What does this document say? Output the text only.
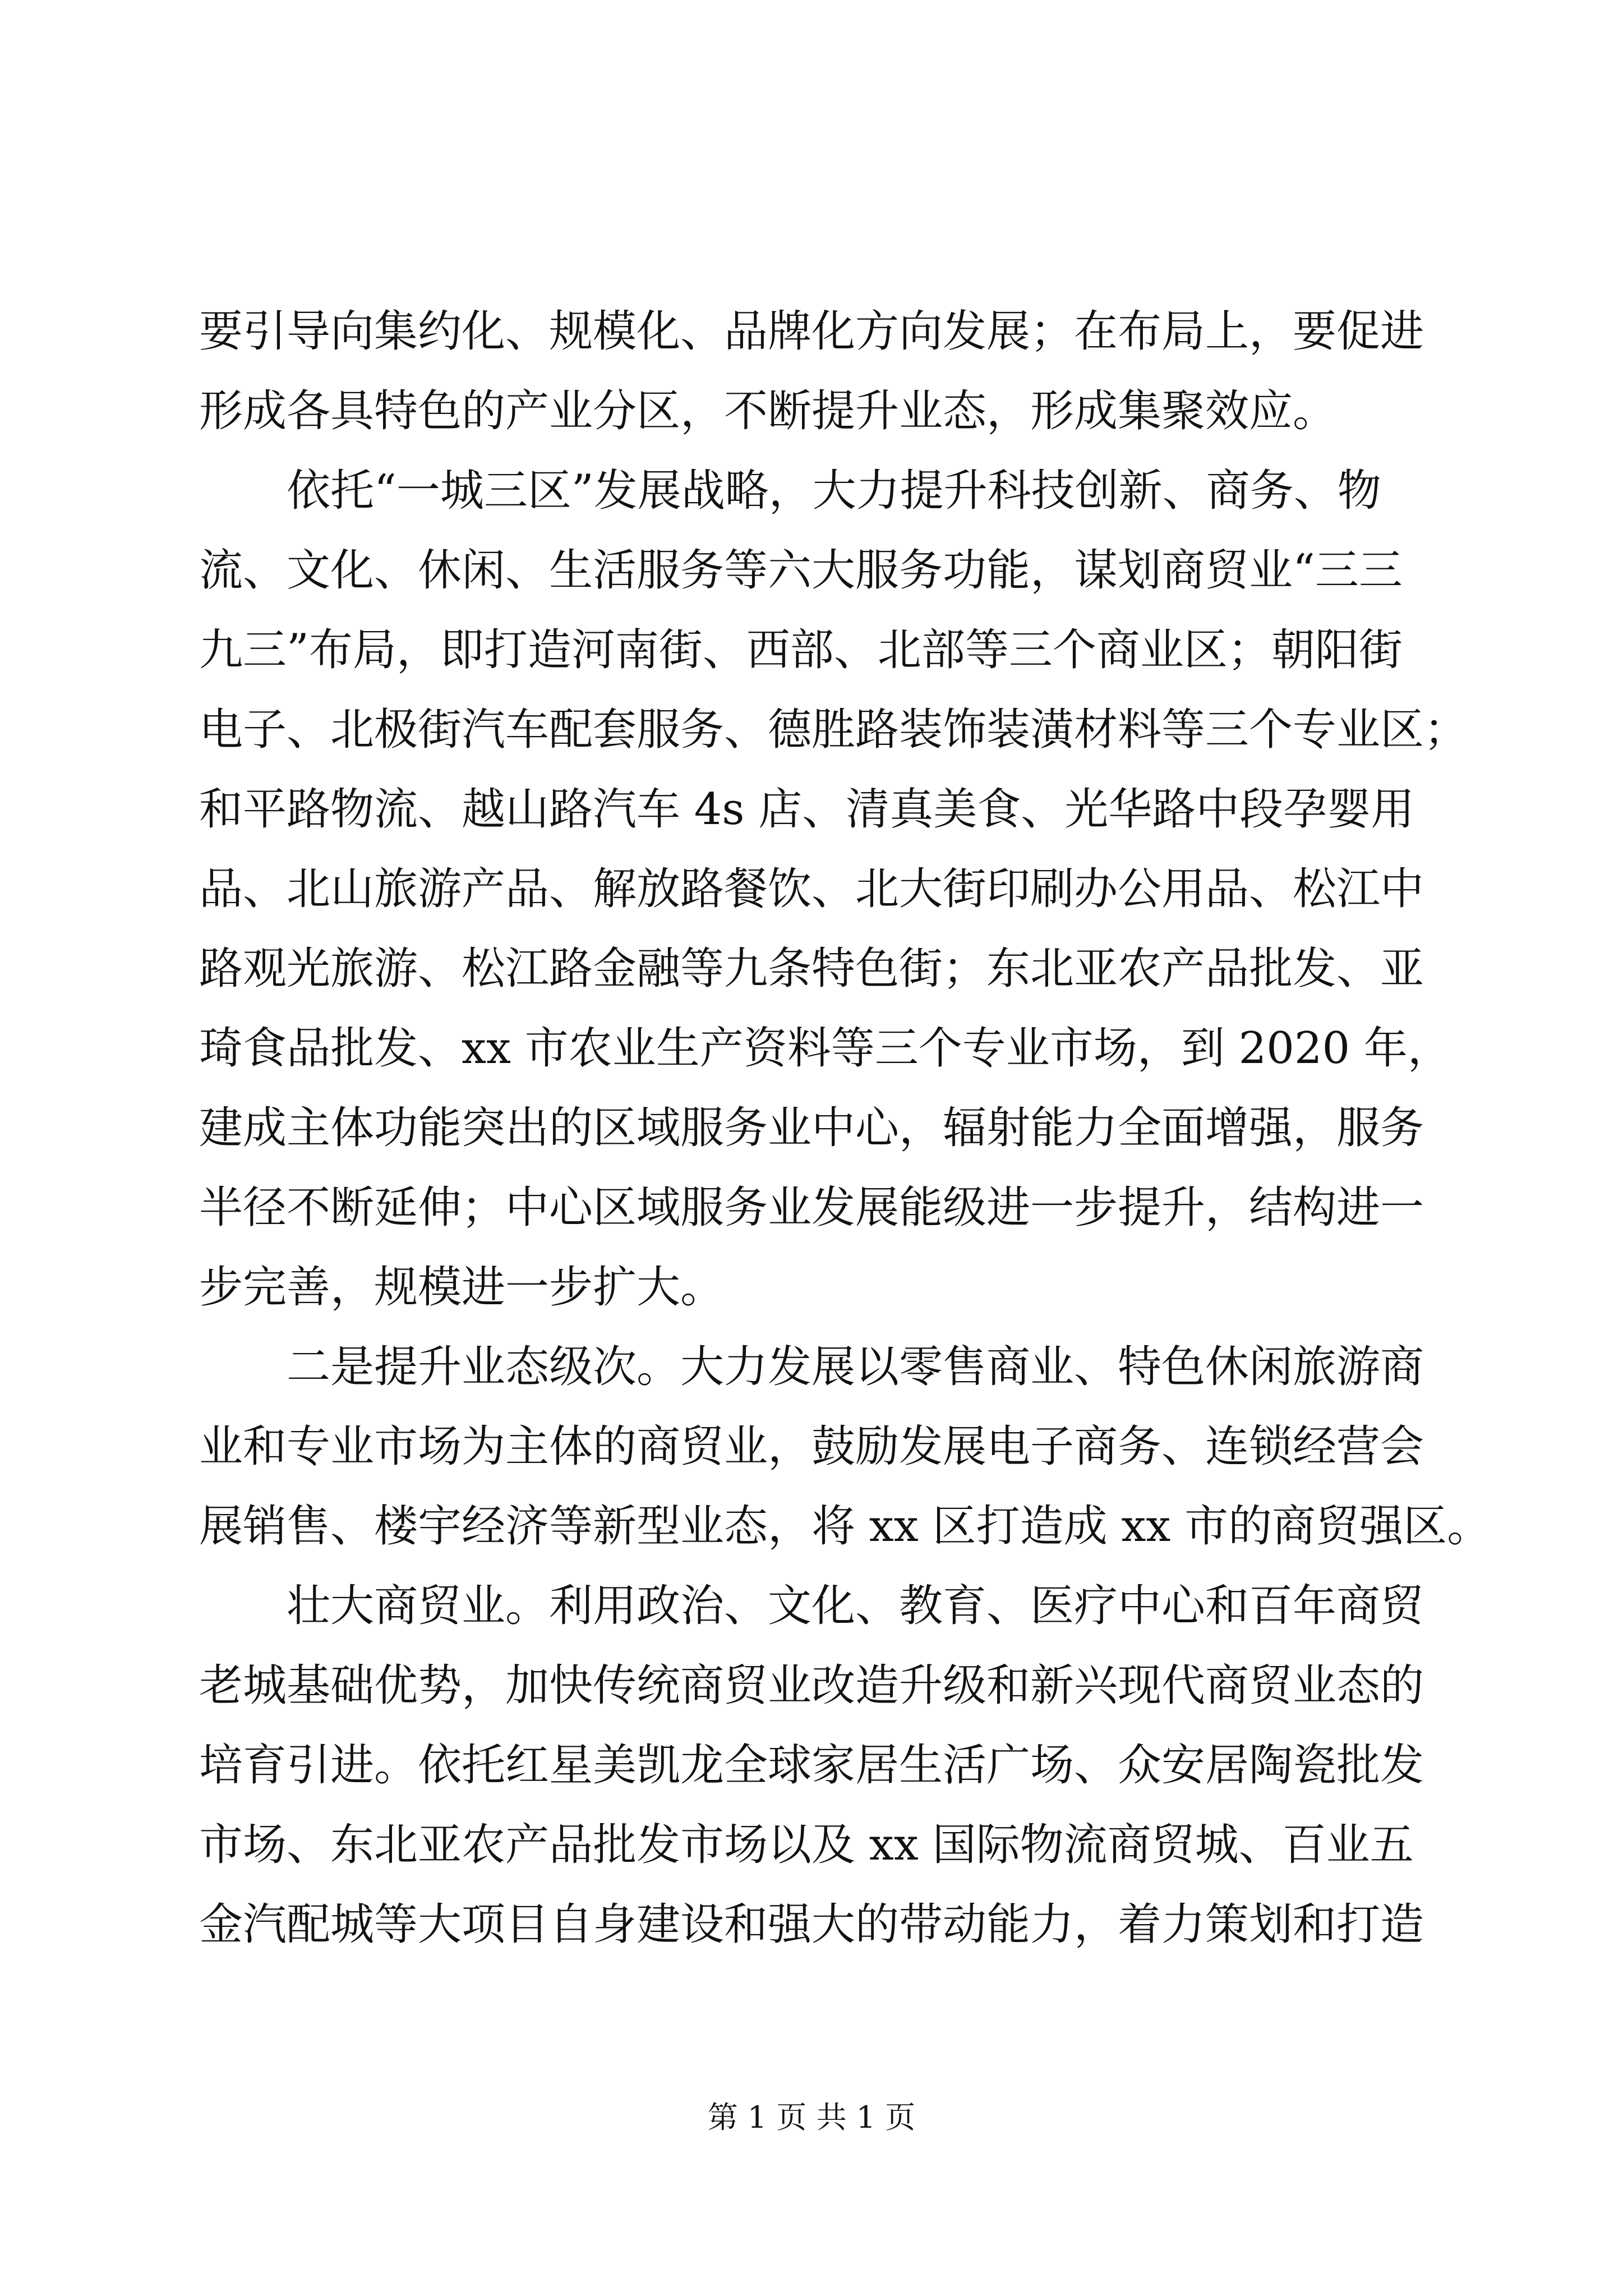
要引导向集约化、规模化、品牌化方向发展；在布局上，要促进
形成各具特色的产业分区，不断提升业态，形成集聚效应。
　　依托“一城三区”发展战略，大力提升科技创新、商务、物
流、文化、休闲、生活服务等六大服务功能，谋划商贸业“三三
九三”布局，即打造河南街、西部、北部等三个商业区；朝阳街
电子、北极街汽车配套服务、德胜路装饰装潢材料等三个专业区；
和平路物流、越山路汽车 4s 店、清真美食、光华路中段孕婴用
品、北山旅游产品、解放路餐饮、北大街印刷办公用品、松江中
路观光旅游、松江路金融等九条特色街；东北亚农产品批发、亚
琦食品批发、xx 市农业生产资料等三个专业市场，到 2020 年，
建成主体功能突出的区域服务业中心，辐射能力全面增强，服务
半径不断延伸；中心区域服务业发展能级进一步提升，结构进一
步完善，规模进一步扩大。
　　二是提升业态级次。大力发展以零售商业、特色休闲旅游商
业和专业市场为主体的商贸业，鼓励发展电子商务、连锁经营会
展销售、楼宇经济等新型业态，将 xx 区打造成 xx 市的商贸强区。
　　壮大商贸业。利用政治、文化、教育、医疗中心和百年商贸
老城基础优势，加快传统商贸业改造升级和新兴现代商贸业态的
培育引进。依托红星美凯龙全球家居生活广场、众安居陶瓷批发
市场、东北亚农产品批发市场以及 xx 国际物流商贸城、百业五
金汽配城等大项目自身建设和强大的带动能力，着力策划和打造
第 1 页 共 1 页
